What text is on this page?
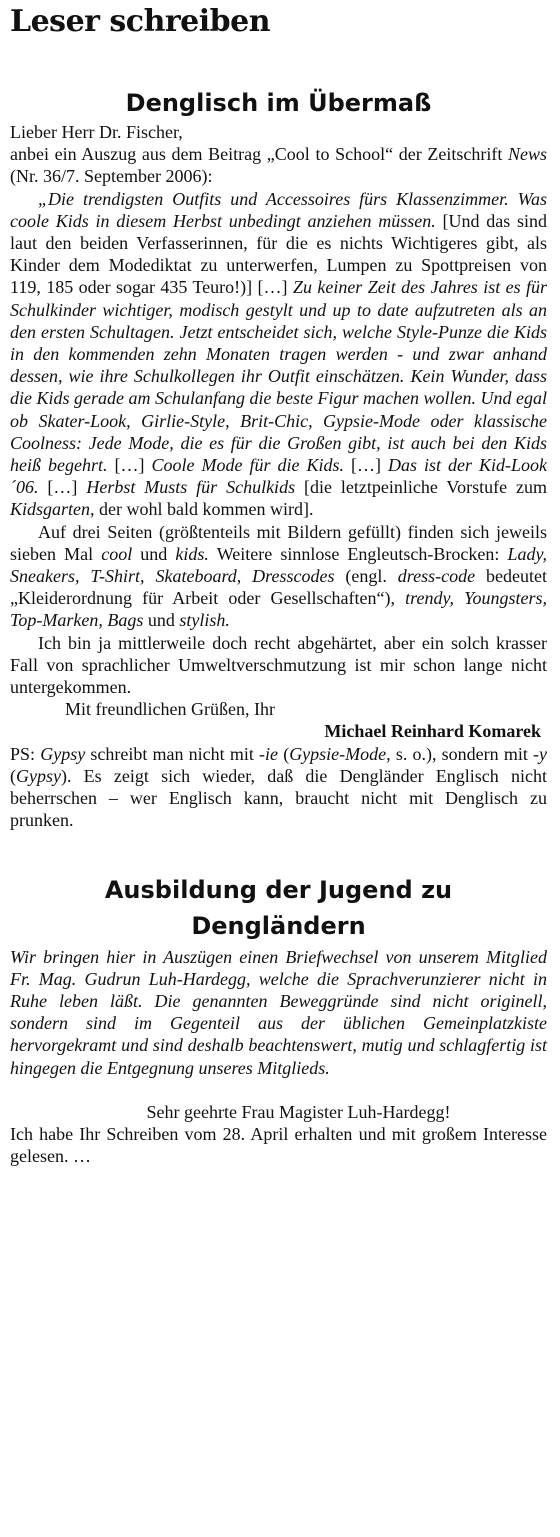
Leser schreiben
Denglisch im Übermaß

Lieber Herr Dr. Fischer,

anbei ein Auszug aus dem Beitrag „Cool to School“ der Zeitschrift News (Nr. 36/7. September 2006):

„Die trendigsten Outfits und Accessoires fürs Klassenzimmer. Was coole Kids in diesem Herbst unbedingt anziehen müssen. [Und das sind laut den beiden Verfasserinnen, für die es nichts Wichtigeres gibt, als Kinder dem Modediktat zu unterwerfen, Lumpen zu Spottpreisen von 119, 185 oder sogar 435 Teuro!)] […] Zu keiner Zeit des Jahres ist es für Schulkinder wichtiger, modisch gestylt und up to date aufzutreten als an den ersten Schultagen. Jetzt entscheidet sich, welche Style-Punze die Kids in den kommenden zehn Monaten tragen werden - und zwar anhand dessen, wie ihre Schulkollegen ihr Outfit einschätzen. Kein Wunder, dass die Kids gerade am Schulanfang die beste Figur machen wollen. Und egal ob Skater-Look, Girlie-Style, Brit-Chic, Gypsie-Mode oder klassische Coolness: Jede Mode, die es für die Großen gibt, ist auch bei den Kids heiß begehrt. […] Coole Mode für die Kids. […] Das ist der Kid-Look ´06. […] Herbst Musts für Schulkids [die letztpeinliche Vorstufe zum Kidsgarten, der wohl bald kommen wird].

Auf drei Seiten (größtenteils mit Bildern gefüllt) finden sich jeweils sieben Mal cool und kids. Weitere sinnlose Engleutsch-Brocken: Lady, Sneakers, T-Shirt, Skateboard, Dresscodes (engl. dress-code bedeutet „Kleiderordnung für Arbeit oder Gesellschaften“), trendy, Youngsters, Top-Marken, Bags und stylish.

Ich bin ja mittlerweile doch recht abgehärtet, aber ein solch krasser Fall von sprachlicher Umweltverschmutzung ist mir schon lange nicht untergekommen.

Mit freundlichen Grüßen, Ihr

Michael Reinhard Komarek

PS: Gypsy schreibt man nicht mit -ie (Gypsie-Mode, s. o.), sondern mit -y (Gypsy). Es zeigt sich wieder, daß die Dengländer Englisch nicht beherrschen – wer Englisch kann, braucht nicht mit Denglisch zu prunken.

Ausbildung der Jugend zu
Dengländern

Wir bringen hier in Auszügen einen Briefwechsel von unserem Mitglied Fr. Mag. Gudrun Luh-Hardegg, welche die Sprachverunzierer nicht in Ruhe leben läßt. Die genannten Beweggründe sind nicht originell, sondern sind im Gegenteil aus der üblichen Gemeinplatzkiste hervorgekramt und sind deshalb beachtenswert, mutig und schlagfertig ist hingegen die Entgegnung unseres Mitglieds.

Sehr geehrte Frau Magister Luh-Hardegg!

Ich habe Ihr Schreiben vom 28. April erhalten und mit großem Interesse gelesen. …
